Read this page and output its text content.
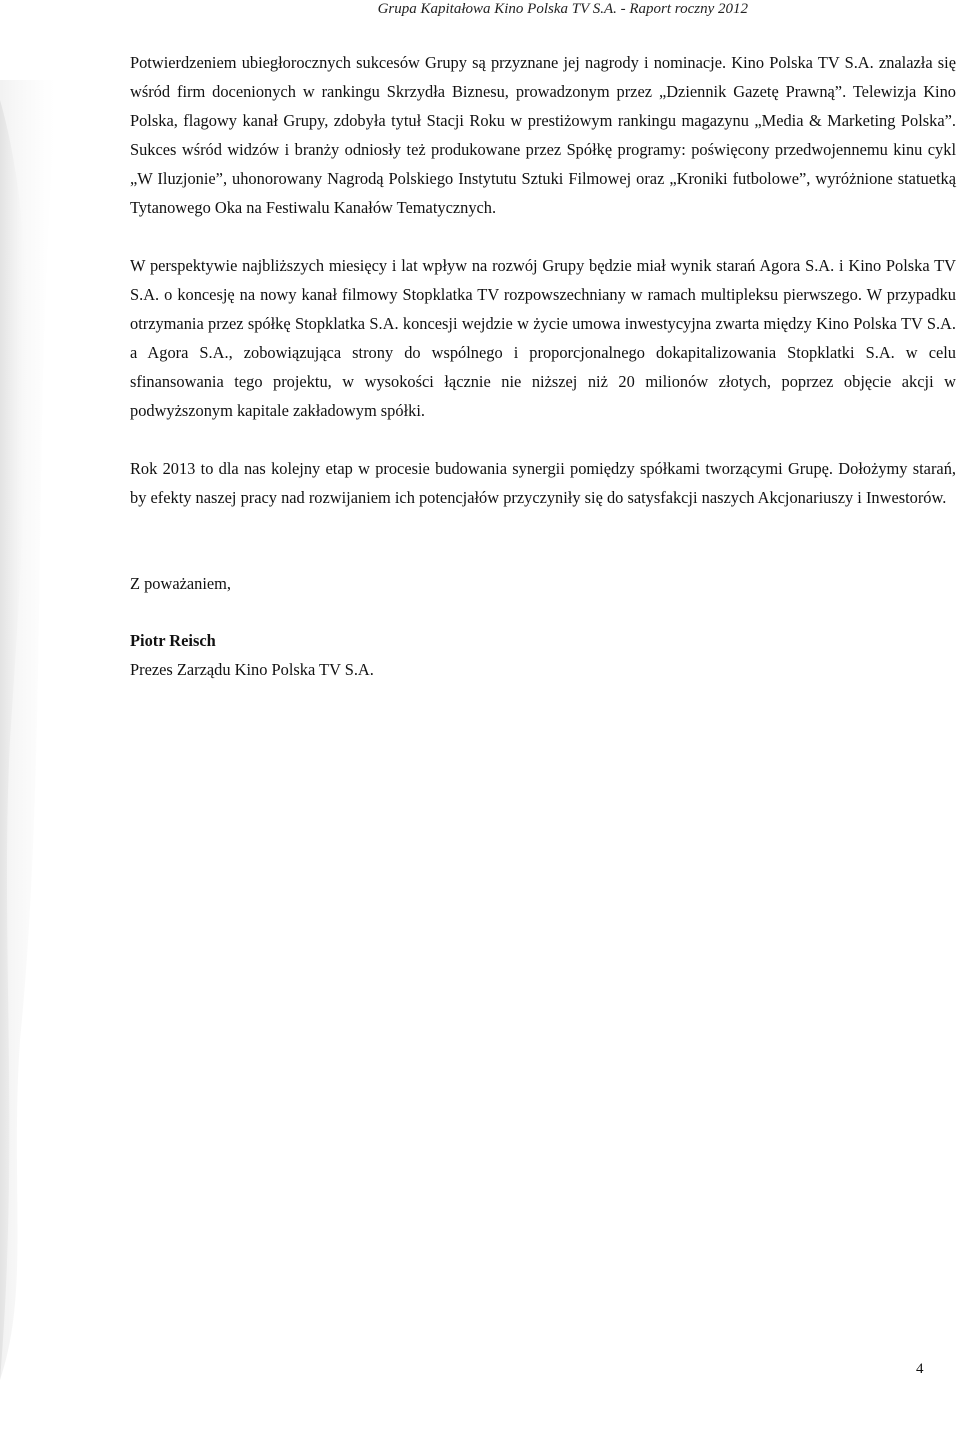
Grupa Kapitałowa Kino Polska TV S.A. - Raport roczny 2012

Potwierdzeniem ubiegłorocznych sukcesów Grupy są przyznane jej nagrody i nominacje. Kino Polska TV S.A. znalazła się wśród firm docenionych w rankingu Skrzydła Biznesu, prowadzonym przez „Dziennik Gazetę Prawną”. Telewizja Kino Polska, flagowy kanał Grupy, zdobyła tytuł Stacji Roku w prestiżowym rankingu magazynu „Media & Marketing Polska”. Sukces wśród widzów i branży odniosły też produkowane przez Spółkę programy: poświęcony przedwojennemu kinu cykl „W Iluzjonie”, uhonorowany Nagrodą Polskiego Instytutu Sztuki Filmowej oraz „Kroniki futbolowe”, wyróżnione statuetką Tytanowego Oka na Festiwalu Kanałów Tematycznych.

W perspektywie najbliższych miesięcy i lat wpływ na rozwój Grupy będzie miał wynik starań Agora S.A. i Kino Polska TV S.A. o koncesję na nowy kanał filmowy Stopklatka TV rozpowszechniany w ramach multipleksu pierwszego. W przypadku otrzymania przez spółkę Stopklatka S.A. koncesji wejdzie w życie umowa inwestycyjna zwarta między Kino Polska TV S.A. a Agora S.A., zobowiązująca strony do wspólnego i proporcjonalnego dokapitalizowania Stopklatki S.A. w celu sfinansowania tego projektu, w wysokości łącznie nie niższej niż 20 milionów złotych, poprzez objęcie akcji w podwyższonym kapitale zakładowym spółki.

Rok 2013 to dla nas kolejny etap w procesie budowania synergii pomiędzy spółkami tworzącymi Grupę. Dołożymy starań, by efekty naszej pracy nad rozwijaniem ich potencjałów przyczyniły się do satysfakcji naszych Akcjonariuszy i Inwestorów.

Z poważaniem,

Piotr Reisch

Prezes Zarządu Kino Polska TV S.A.

4
